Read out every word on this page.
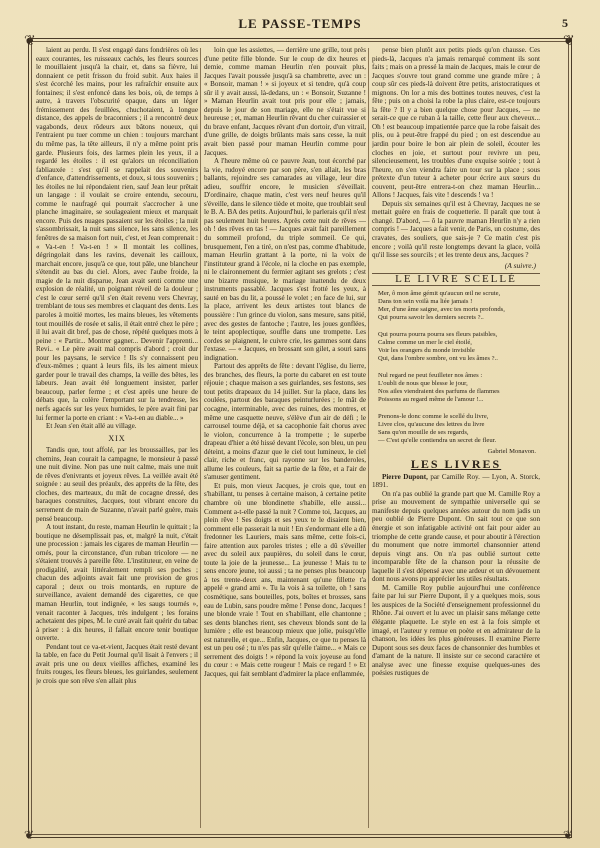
LE PASSE-TEMPS	5
❦	❦
❦	❦

laient au perdu. Il s'est engagé dans fondrières où les eaux courantes, les ruisseaux cachés, les fleurs sources le mouillaient jusqu'à la chair, et, dans sa fièvre, lui donnaient ce petit frisson du froid subit. Aux haies il s'est écorché les mains, pour les rafraîchir ensuite aux fontaines; il s'est enfoncé dans les bois, où, de temps à autre, à travers l'obscurité opaque, dans un léger frémissement des feuillées, chuchotaient, à longue distance, des appels de braconniers ; il a rencontré deux vagabonds, deux rôdeurs aux bâtons noueux, qui l'entraient pu tuer comme un chien : toujours marchant du même pas, la tête ailleurs, il n'y a même point pris garde. Plusieurs fois, des larmes plein les yeux, il a regardé les étoiles : il est qu'alors un réconciliation fabliauxée : s'est qu'il se rappelait des souvenirs d'enfance, d'attendrissements, et doux, si tous souvenirs ; les étoiles ne lui répondaient rien, sauf Jean leur prêtait un langage : il voulait se croire entendu, secouru, comme le naufragé qui pourrait s'accrocher à une planche imaginaire, se soulageaient mieux et marquait encore. Puis des nuages passaient sur les étoiles ; la nuit s'assombrissait, la nuit sans silence, les sans silence, les fenêtres de sa maison fort nuit, c'est, et Jean comprenait : « Va-t-en ! Va-t-en ! » Il montait les collines, dégringolait dans les ravins, devenait les cailloux, marchait encore, jusqu'à ce que, tout pâle, une blancheur s'étendit au bas du ciel. Alors, avec l'aube froide, la magie de la nuit disparue, Jean avait senti comme une explosion de réalité, un poignant réveil de la douleur ; c'est le cœur serré qu'il s'en était revenu vers Chevray, tremblant de tous ses membres et claquant des dents. Les paroles à moitié mortes, les mains bleues, les vêtements tout mouillés de rosée et salis, il était entré chez le père ; il lui avait dit bref, pas de chose, répété quelques mots à peine : « Partir... Montrer gagner... Devenir l'apprenti... Revi.. « Le père avait mal compris d'abord ; croit dur pour les paysans, le service ! Ils s'y connaissent peu d'eux-mêmes ; quant à leurs fils, ils les aiment mieux garder pour le travail des champs, la veille des bêtes, les labeurs. Jean avait été longuement insister, parler beaucoup, parler ferme ; et c'est après une heure de débats que, la colère l'emportant sur la tendresse, les nerfs agacés sur les yeux humides, le père avait fini par lui fermer la porte en criant : « Va-t-en au diable... »

Et Jean s'en était allé au village.

XIX

Tandis que, tout affolé, par les broussailles, par les chemins, Jean courait la campagne, le monsieur à passé une nuit divine. Non pas une nuit calme, mais une nuit de rêves d'enivrants et joyeux rêves. La veillée avait été soignée : au seuil des préaulx, des appréts de la fête, des cloches, des marteaux, du mât de cocagne dressé, des baraques construites, Jacques, tout vibrant encore du serrement de main de Suzanne, n'avait parlé guère, mais pensé beaucoup.

A tout instant, du reste, maman Heurlin le quittait ; la boutique ne désemplissait pas, et, malgré la nuit, c'était une procession : jamais les cigares de maman Heurlin — ornés, pour la circonstance, d'un ruban tricolore — ne s'étaient trouvés à pareille fête. L'instituteur, en veine de prodigalité, avait littéralement rempli ses poches ; chacun des adjoints avait fait une provision de gros caporal ; deux ou trois montards, en rupture de surveillance, avaient demandé des cigarettes, ce que maman Heurlin, tout indignée, « les saugs tournés », venait raconter à Jacques, très indulgent ; les forains achetaient des pipes, M. le curé avait fait quérir du tabac à priser : à dix heures, il fallait encore tenir boutique ouverte.

Pendant tout ce va-et-vient, Jacques était resté devant la table, en face du Petit Journal qu'il lisait à l'envers ; il avait pris une ou deux vieilles affiches, examiné les fruits rouges, les fleurs bleues, les guirlandes, seulement je crois que son rêve s'en allait plus

loin que les assiettes, — derrière une grille, tout près d'une petite fille blonde. Sur le coup de dix heures et demie, comme maman Heurlin n'en pouvait plus, Jacques l'avait poussée jusqu'à sa chambrette, avec un : « Bonsoir, maman ! » si joyeux et si tendre, qu'à coup sûr il y avait aussi, là-dedans, un : « Bonsoir, Suzanne ! » Maman Heurlin avait tout pris pour elle ; jamais, depuis le jour de son mariage, elle ne s'était vue si heureuse ; et, maman Heurlin rêvant du cher cuirassier et du brave enfant, Jacques rêvant d'un dortoir, d'un vitrail, d'une grille, de doigts brûlants mais sans cesse, la nuit avait bien passé pour maman Heurlin comme pour Jacques.

A l'heure même où ce pauvre Jean, tout écorché par la vie, rudoyé encore par son père, s'en allait, les bras ballants, rejoindre ses camarades au village, leur dire adieu, souffrir encore, le musicien s'éveillait. D'ordinaire, chaque matin, c'est vers neuf heures qu'il s'éveille, dans le silence tiède et moite, que troublait seul le B. A. BA des petits. Aujourd'hui, le parlerais qu'il n'est pas seulement huit heures. Après cette nuit de rêves — oh ! des rêves en tas ! — Jacques avait fait pareillement du sommeil profond, du triple sommeil. Ce qui, brusquement, l'en a tiré, on n'est pas, comme d'habitude, maman Heurlin grattant à la porte, ni la voix de l'instituteur grand à l'école, ni la cloche en pas exemple, ni le claironnement du fermier agitant ses grelots ; c'est une bizarre musique, le mariage inattendu de deux instruments passablé. Jacques s'est frotté les yeux, à sauté en bas du lit, a poussé le volet ; en face de lui, sur la place, arrivent les deux artistes tout blancs de poussière : l'un grince du violon, sans mesure, sans pitié, avec des gestes de fantoche ; l'autre, les joues gonflées, le teint apoplectique, souffle dans une trompette. Les cordes se plaignent, le cuivre crie, les gammes sont dans l'extase. — « Jacques, en brossant son gilet, a souri sans indignation.

Partout des apprêts de fête : devant l'église, du lierre, des branches, des fleurs, la porte du cabaret en est toute réjouie ; chaque maison a ses guirlandes, ses festons, ses tout petits drapeaux du 14 juillet. Sur la place, dans les coulées, partout des baraques peinturlurées ; le mât de cocagne, interminable, avec des ruines, des montres, et même une casquette neuve, s'élève d'un air de défi ; le carrousel tourne déjà, et sa cacophonie fait chorus avec le violon, concurrence à la trompette ; le superbe drapeau d'hier a été hissé devant l'école, son bleu, un peu déteint, a moins d'azur que le ciel tout lumineux, le ciel clair, riche et franc, qui rayonne sur les banderoles, allume les couleurs, fait sa partie de la fête, et a l'air de s'amuser gentiment.

Et puis, mon vieux Jacques, je crois que, tout en s'habillant, tu penses à certaine maison, à certaine petite chambre où une blondinette s'habille, elle aussi... Comment a-t-elle passé la nuit ? Comme toi, Jacques, au plein rêve ! Ses doigts et ses yeux te le disaient bien, comment elle passerait la nuit ! En s'endormant elle a dû fredonner les Lauriers, mais sans même, cette fois-ci, faire attention aux paroles tristes ; elle a dû s'éveiller avec du soleil aux paupières, du soleil dans le cœur, toute la joie de la jeunesse... La jeunesse ! Mais tu te sens encore jeune, toi aussi ; ta ne penses plus beaucoup à tes trente-deux ans, maintenant qu'une fillette t'a appelé « grand ami ». Tu la vois à sa toilette, oh ! sans cosmétique, sans bouteilles, pots, boîtes et brosses, sans eau de Lubin, sans poudre même ! Pense donc, Jacques ! une blonde vraie ! Tout en s'habillant, elle chantonne ; ses dents blanches rient, ses cheveux blonds sont de la lumière ; elle est beaucoup mieux que jolie, puisqu'elle est naturelle, et que... Enfin, Jacques, ce que tu penses là est un peu osé ; tu n'es pas sûr qu'elle t'aime... « Mais ce serrement des doigts ! » répond la voix joyeuse au fond du cœur : « Mais cette rougeur ! Mais ce regard ! » Et Jacques, qui fait semblant d'admirer la place enflammée,

pense bien plutôt aux petits pieds qu'on chausse. Ces pieds-là, Jacques n'a jamais remarqué comment ils sont faits ; mais on a pressé la main de Jacques, mais le cœur de Jacques s'ouvre tout grand comme une grande mûre ; à coup sûr ces pieds-là doivent être petits, aristocratiques et mignons. On lor a mis des bottines toutes neuves, c'est la fête ; puis on a choisi la robe la plus claire, est-ce toujours la fête ? Il y a bien quelque chose pour Jacques, — ne serait-ce que ce ruban à la taille, cette fleur aux cheveux... Oh ! est beaucoup impatientée parce que la robe faisait des plis, ou à peut-être frappé du pied ; on est descendue au jardin pour boire le bon air plein de soleil, écouter les cloches en joie, et surtout pour revivre un peu, silencieusement, les troubles d'une exquise soirée ; tout à l'heure, on s'en viendra faire un tour sur la place ; sous prétexte d'un tuteur à acheter pour écrire aux sœurs du couvent, peut-être entrera-t-on chez maman Heurlin... Allons ! Jacques, fais vite ! descends ! va !

Depuis six semaines qu'il est à Chevray, Jacques ne se mettait guère en frais de coquetterie. Il paraît que tout à changé. D'abord, — ô la pauvre maman Heurlin n'y a rien compris ! — Jacques a fait venir, de Paris, un costume, des cravates, des souliers, que sais-je ? Ce matin c'est pis encore ; voilà qu'il reste longtemps devant la glace, voilà qu'il lisse ses sourcils ; et les trente deux ans, Jacques ?

(A suivre.)
LE LIVRE SCELLÉ
Mer, ô mon âme gémit qu'aucun œil ne scrute,
Dans ton sein voilà ma liée jamais !
Mer, d'une âme saigne, avec tes morts profonds,
Qui pourra savoir les derniers secrets ?..

Qui pourra pourra pourra ses fleurs paisibles,
Calme comme un mer le ciel étoilé,
Voir les orangers du monde invisible
Qui, dans l'ombre sombre, ont vu les âmes ?..

Nul regard ne peut feuilleter nos âmes :
L'oubli de nous que blesse le jour,
Nos ailes viendraient des parfums de flammes
Poissons au regard même de l'amour !...

Prenons-le donc comme le scellé du livre,
Livre clos, qu'aucune des lettres du livre
Sans qu'on mouille de ses regards,
— C'est qu'elle contiendra un secret de fleur.
Gabriel Monavon.
LES LIVRES

Pierre Dupont, par Camille Roy. — Lyon, A. Storck, 1891.

On n'a pas oublié la grande part que M. Camille Roy a prise au mouvement de sympathie universelle qui se manifeste depuis quelques années autour du nom jadis un peu oublié de Pierre Dupont. On sait tout ce que son énergie et son infatigable activité ont fait pour aider au triomphe de cette grande cause, et pour aboutir à l'érection du monument que notre immortel chansonnier attend depuis vingt ans. On n'a pas oublié surtout cette incomparable fête de la chanson pour la réussite de laquelle il s'est dépensé avec une ardeur et un dévouement dont nous avons pu apprécier les utiles résultats.

M. Camille Roy publie aujourd'hui une conférence faite par lui sur Pierre Dupont, il y a quelques mois, sous les auspices de la Société d'enseignement professionnel du Rhône. J'ai ouvert et lu avec un plaisir sans mélange cette élégante plaquette. Le style en est à la fois simple et imagé, et l'auteur y remue en poète et en admirateur de la chanson, les idées les plus généreuses. Il examine Pierre Dupont sous ses deux faces de chansonnier des humbles et d'amant de la nature. Il insiste sur ce second caractère et analyse avec une finesse exquise quelques-unes des poésies rustiques de
